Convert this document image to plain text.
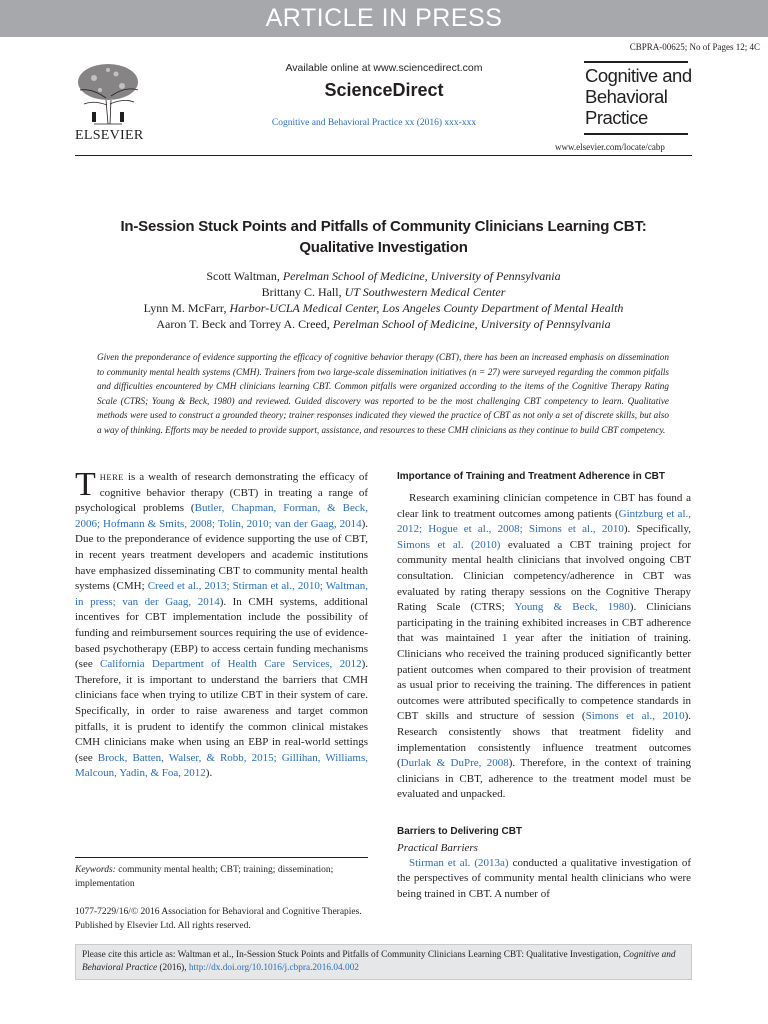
ARTICLE IN PRESS
CBPRA-00625; No of Pages 12; 4C
ELSEVIER
Available online at www.sciencedirect.com
ScienceDirect
Cognitive and Behavioral Practice xx (2016) xxx-xxx
Cognitive and
Behavioral
Practice
www.elsevier.com/locate/cabp
In-Session Stuck Points and Pitfalls of Community Clinicians Learning CBT:
Qualitative Investigation
Scott Waltman, Perelman School of Medicine, University of Pennsylvania
Brittany C. Hall, UT Southwestern Medical Center
Lynn M. McFarr, Harbor-UCLA Medical Center, Los Angeles County Department of Mental Health
Aaron T. Beck and Torrey A. Creed, Perelman School of Medicine, University of Pennsylvania
Given the preponderance of evidence supporting the efficacy of cognitive behavior therapy (CBT), there has been an increased emphasis on dissemination to community mental health systems (CMH). Trainers from two large-scale dissemination initiatives (n = 27) were surveyed regarding the common pitfalls and difficulties encountered by CMH clinicians learning CBT. Common pitfalls were organized according to the items of the Cognitive Therapy Rating Scale (CTRS; Young & Beck, 1980) and reviewed. Guided discovery was reported to be the most challenging CBT competency to learn. Qualitative methods were used to construct a grounded theory; trainer responses indicated they viewed the practice of CBT as not only a set of discrete skills, but also a way of thinking. Efforts may be needed to provide support, assistance, and resources to these CMH clinicians as they continue to build CBT competency.

THERE is a wealth of research demonstrating the efficacy of cognitive behavior therapy (CBT) in treating a range of psychological problems (Butler, Chapman, Forman, & Beck, 2006; Hofmann & Smits, 2008; Tolin, 2010; van der Gaag, 2014). Due to the preponderance of evidence supporting the use of CBT, in recent years treatment developers and academic institutions have emphasized disseminating CBT to community mental health systems (CMH; Creed et al., 2013; Stirman et al., 2010; Waltman, in press; van der Gaag, 2014). In CMH systems, additional incentives for CBT implementation include the possibility of funding and reimbursement sources requiring the use of evidence-based psychotherapy (EBP) to access certain funding mechanisms (see California Department of Health Care Services, 2012). Therefore, it is important to understand the barriers that CMH clinicians face when trying to utilize CBT in their system of care. Specifically, in order to raise awareness and target common pitfalls, it is prudent to identify the common clinical mistakes CMH clinicians make when using an EBP in real-world settings (see Brock, Batten, Walser, & Robb, 2015; Gillihan, Williams, Malcoun, Yadin, & Foa, 2012).

Importance of Training and Treatment Adherence in CBT

Research examining clinician competence in CBT has found a clear link to treatment outcomes among patients (Gintzburg et al., 2012; Hogue et al., 2008; Simons et al., 2010). Specifically, Simons et al. (2010) evaluated a CBT training project for community mental health clinicians that involved ongoing CBT consultation. Clinician competency/adherence in CBT was evaluated by rating therapy sessions on the Cognitive Therapy Rating Scale (CTRS; Young & Beck, 1980). Clinicians participating in the training exhibited increases in CBT adherence that was maintained 1 year after the initiation of training. Clinicians who received the training produced significantly better patient outcomes when compared to their provision of treatment as usual prior to receiving the training. The differences in patient outcomes were attributed specifically to competence standards in CBT skills and structure of session (Simons et al., 2010). Research consistently shows that treatment fidelity and implementation consistently influence treatment outcomes (Durlak & DuPre, 2008). Therefore, in the context of training clinicians in CBT, adherence to the treatment model must be evaluated and unpacked.

Barriers to Delivering CBT
Practical Barriers

Stirman et al. (2013a) conducted a qualitative investigation of the perspectives of community mental health clinicians who were being trained in CBT. A number of

Keywords: community mental health; CBT; training; dissemination; implementation
1077-7229/16/© 2016 Association for Behavioral and Cognitive Therapies. Published by Elsevier Ltd. All rights reserved.
Please cite this article as: Waltman et al., In-Session Stuck Points and Pitfalls of Community Clinicians Learning CBT: Qualitative Investigation, Cognitive and Behavioral Practice (2016), http://dx.doi.org/10.1016/j.cbpra.2016.04.002
